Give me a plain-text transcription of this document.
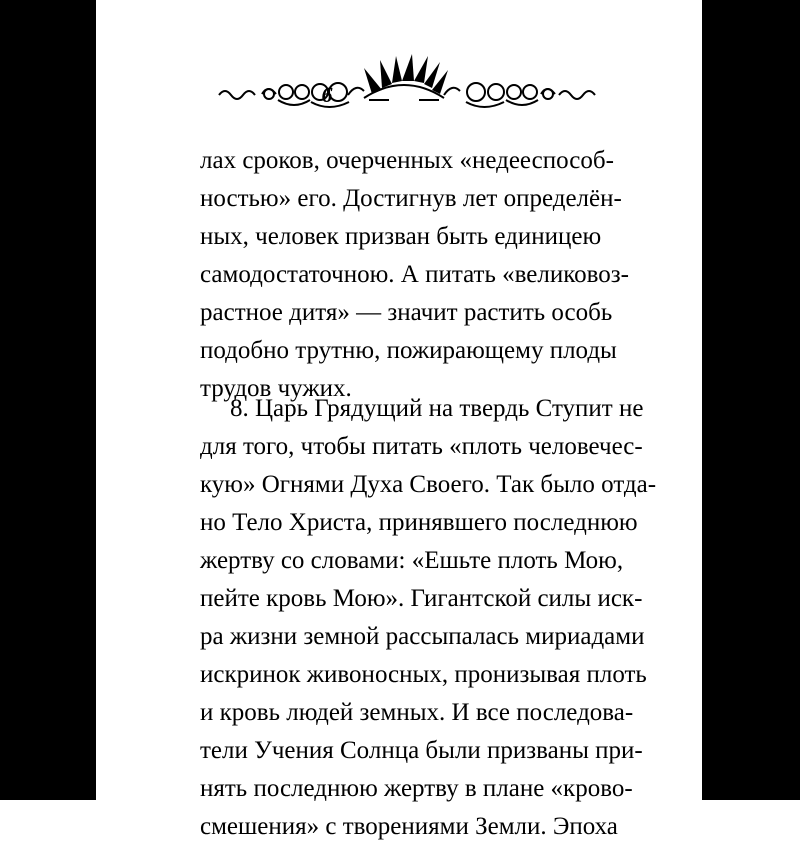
6
лах сроков, очерченных «недееспособ-
ностью» его. Достигнув лет определён-
ных, человек призван быть единицею
самодостаточною. А питать «великовоз-
растное дитя» — значит растить особь
подобно трутню, пожирающему плоды
трудов чужих.
8. Царь Грядущий на твердь Ступит не
для того, чтобы питать «плоть человечес-
кую» Огнями Духа Своего. Так было отда-
но Тело Христа, принявшего последнюю
жертву со словами: «Ешьте плоть Мою,
пейте кровь Мою». Гигантской силы иск-
ра жизни земной рассыпалась мириадами
искринок живоносных, пронизывая плоть
и кровь людей земных. И все последова-
тели Учения Солнца были призваны при-
нять последнюю жертву в плане «крово-
смешения» с творениями Земли. Эпоха
